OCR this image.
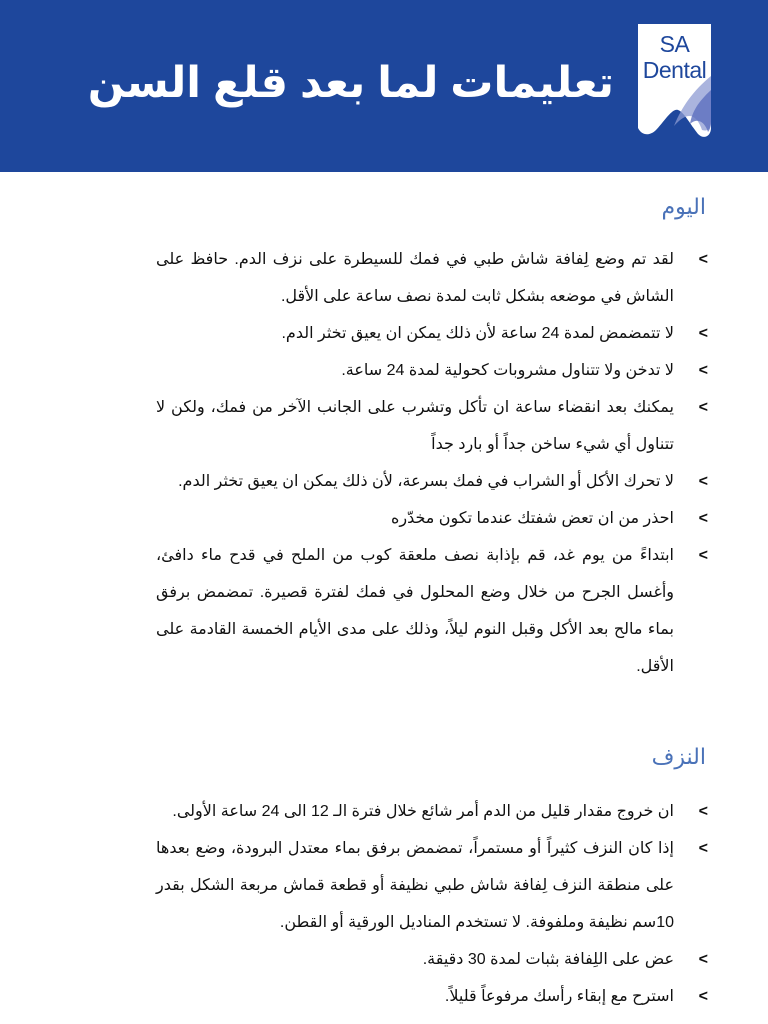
تعليمات لما بعد قلع السن
SA
Dental
اليوم
>
لقد تم وضع لِفافة شاش طبي في فمك للسيطرة على نزف الدم. حافظ على الشاش في موضعه بشكل ثابت لمدة نصف ساعة على الأقل.
>
لا تتمضمض لمدة 24 ساعة لأن ذلك يمكن ان يعيق تخثر الدم.
>
لا تدخن ولا تتناول مشروبات كحولية لمدة 24 ساعة.
>
يمكنك بعد انقضاء ساعة ان تأكل وتشرب على الجانب الآخر من فمك، ولكن لا تتناول أي شيء ساخن جداً أو بارد جداً
>
لا تحرك الأكل أو الشراب في فمك بسرعة، لأن ذلك يمكن ان يعيق تخثر الدم.
>
احذر من ان تعض شفتك عندما تكون مخدّره
>
ابتداءً من يوم غد، قم بإذابة نصف ملعقة كوب من الملح في قدح ماء دافئ، وأغسل الجرح من خلال وضع المحلول في فمك لفترة قصيرة. تمضمض برفق بماء مالح بعد الأكل وقبل النوم ليلاً، وذلك على مدى الأيام الخمسة القادمة على الأقل.
النزف
>
ان خروج مقدار قليل من الدم أمر شائع خلال فترة الـ 12 الى 24 ساعة الأولى.
>
إذا كان النزف كثيراً أو مستمراً، تمضمض برفق بماء معتدل البرودة، وضع بعدها على منطقة النزف لِفافة شاش طبي نظيفة أو قطعة قماش مربعة الشكل بقدر 10سم نظيفة وملفوفة. لا تستخدم المناديل الورقية أو القطن.
>
عض على اللِفافة بثبات لمدة 30 دقيقة.
>
استرح مع إبقاء رأسك مرفوعاً قليلاً.
